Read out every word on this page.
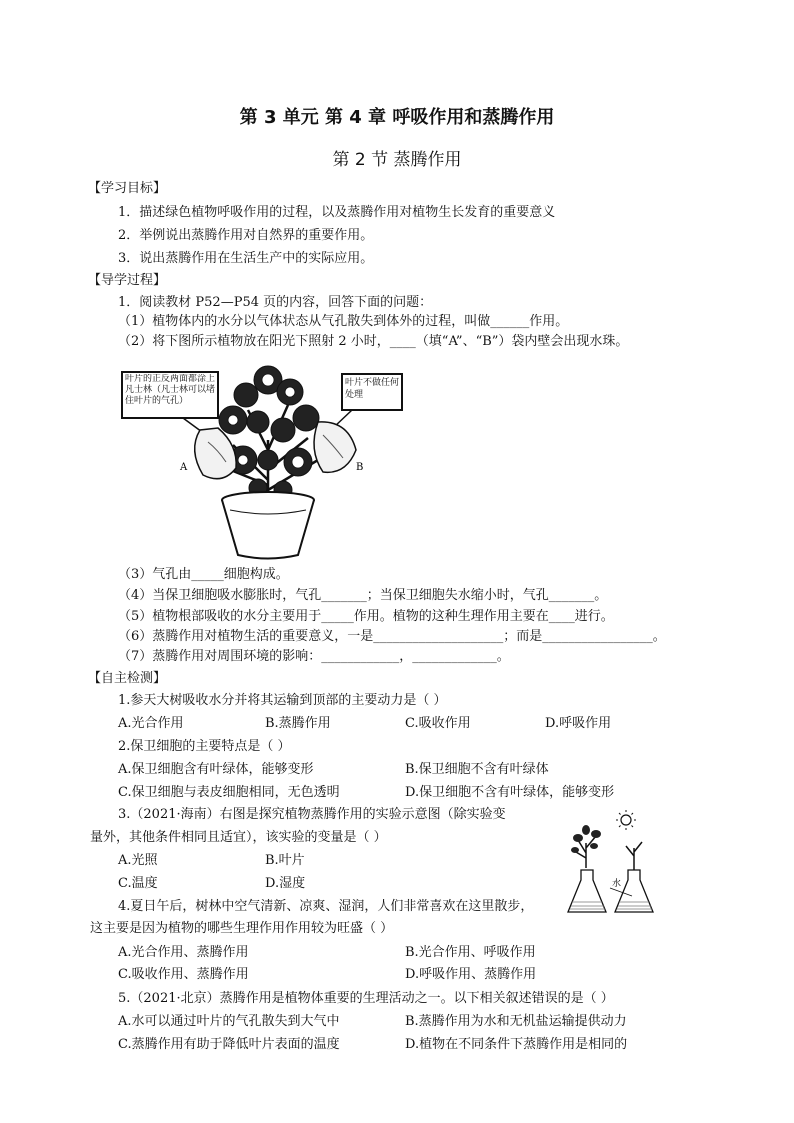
第 3 单元 第 4 章 呼吸作用和蒸腾作用
第 2 节 蒸腾作用
【学习目标】
1．描述绿色植物呼吸作用的过程，以及蒸腾作用对植物生长发育的重要意义
2．举例说出蒸腾作用对自然界的重要作用。
3．说出蒸腾作用在生活生产中的实际应用。
【导学过程】
1．阅读教材 P52—P54 页的内容，回答下面的问题：
（1）植物体内的水分以气体状态从气孔散失到体外的过程，叫做______作用。
（2）将下图所示植物放在阳光下照射 2 小时，____（填“A”、“B”）袋内壁会出现水珠。
叶片的正反两面都涂上凡士林（凡士林可以堵住叶片的气孔）
叶片不做任何处理
A	B
（3）气孔由_____细胞构成。
（4）当保卫细胞吸水膨胀时，气孔_______；当保卫细胞失水缩小时，气孔_______。
（5）植物根部吸收的水分主要用于_____作用。植物的这种生理作用主要在____进行。
（6）蒸腾作用对植物生活的重要意义，一是____________________；而是_________________。
（7）蒸腾作用对周围环境的影响：____________，_____________。
【自主检测】
1.参天大树吸收水分并将其运输到顶部的主要动力是（ ）
A.光合作用	B.蒸腾作用	C.吸收作用	D.呼吸作用
2.保卫细胞的主要特点是（ ）
A.保卫细胞含有叶绿体，能够变形	B.保卫细胞不含有叶绿体
C.保卫细胞与表皮细胞相同，无色透明	D.保卫细胞不含有叶绿体，能够变形
3.（2021·海南）右图是探究植物蒸腾作用的实验示意图（除实验变
量外，其他条件相同且适宜），该实验的变量是（ ）
A.光照	B.叶片
C.温度	D.湿度	水
4.夏日午后，树林中空气清新、凉爽、湿润，人们非常喜欢在这里散步，
这主要是因为植物的哪些生理作用作用较为旺盛（ ）
A.光合作用、蒸腾作用	B.光合作用、呼吸作用
C.吸收作用、蒸腾作用	D.呼吸作用、蒸腾作用
5.（2021·北京）蒸腾作用是植物体重要的生理活动之一。以下相关叙述错误的是（ ）
A.水可以通过叶片的气孔散失到大气中	B.蒸腾作用为水和无机盐运输提供动力
C.蒸腾作用有助于降低叶片表面的温度	D.植物在不同条件下蒸腾作用是相同的
